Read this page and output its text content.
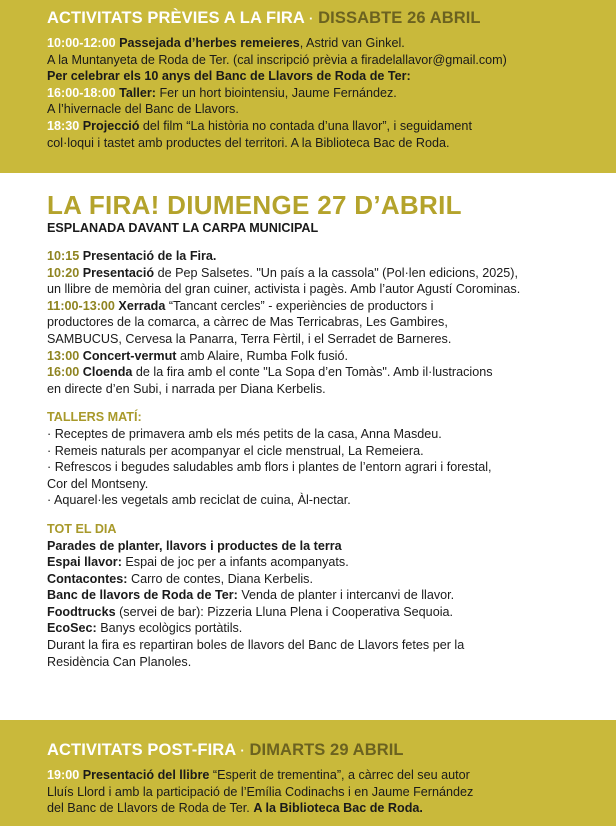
ACTIVITATS PRÈVIES A LA FIRA · DISSABTE 26 ABRIL
10:00-12:00 Passejada d’herbes remeieres, Astrid van Ginkel.
A la Muntanyeta de Roda de Ter. (cal inscripció prèvia a firadelallavor@gmail.com)
Per celebrar els 10 anys del Banc de Llavors de Roda de Ter:
16:00-18:00 Taller: Fer un hort biointensiu, Jaume Fernández.
A l’hivernacle del Banc de Llavors.
18:30 Projecció del film “La història no contada d’una llavor”, i seguidament
col·loqui i tastet amb productes del territori. A la Biblioteca Bac de Roda.
LA FIRA! DIUMENGE 27 D’ABRIL
ESPLANADA DAVANT LA CARPA MUNICIPAL
10:15 Presentació de la Fira.
10:20 Presentació de Pep Salsetes. "Un país a la cassola" (Pol·len edicions, 2025),
un llibre de memòria del gran cuiner, activista i pagès. Amb l’autor Agustí Corominas.
11:00-13:00 Xerrada “Tancant cercles” - experiències de productors i
productores de la comarca, a càrrec de Mas Terricabras, Les Gambires,
SAMBUCUS, Cervesa la Panarra, Terra Fèrtil, i el Serradet de Barneres.
13:00 Concert-vermut amb Alaire, Rumba Folk fusió.
16:00 Cloenda de la fira amb el conte "La Sopa d’en Tomàs". Amb il·lustracions
en directe d’en Subi, i narrada per Diana Kerbelis.
TALLERS MATÍ:
· Receptes de primavera amb els més petits de la casa, Anna Masdeu.
· Remeis naturals per acompanyar el cicle menstrual, La Remeiera.
· Refrescos i begudes saludables amb flors i plantes de l’entorn agrari i forestal,
Cor del Montseny.
· Aquarel·les vegetals amb reciclat de cuina, Àl-nectar.
TOT EL DIA
Parades de planter, llavors i productes de la terra
Espai llavor: Espai de joc per a infants acompanyats.
Contacontes: Carro de contes, Diana Kerbelis.
Banc de llavors de Roda de Ter: Venda de planter i intercanvi de llavor.
Foodtrucks (servei de bar): Pizzeria Lluna Plena i Cooperativa Sequoia.
EcoSec: Banys ecològics portàtils.
Durant la fira es repartiran boles de llavors del Banc de Llavors fetes per la
Residència Can Planoles.
ACTIVITATS POST-FIRA · DIMARTS 29 ABRIL
19:00 Presentació del llibre “Esperit de trementina”, a càrrec del seu autor
Lluís Llord i amb la participació de l’Emília Codinachs i en Jaume Fernández
del Banc de Llavors de Roda de Ter. A la Biblioteca Bac de Roda.
